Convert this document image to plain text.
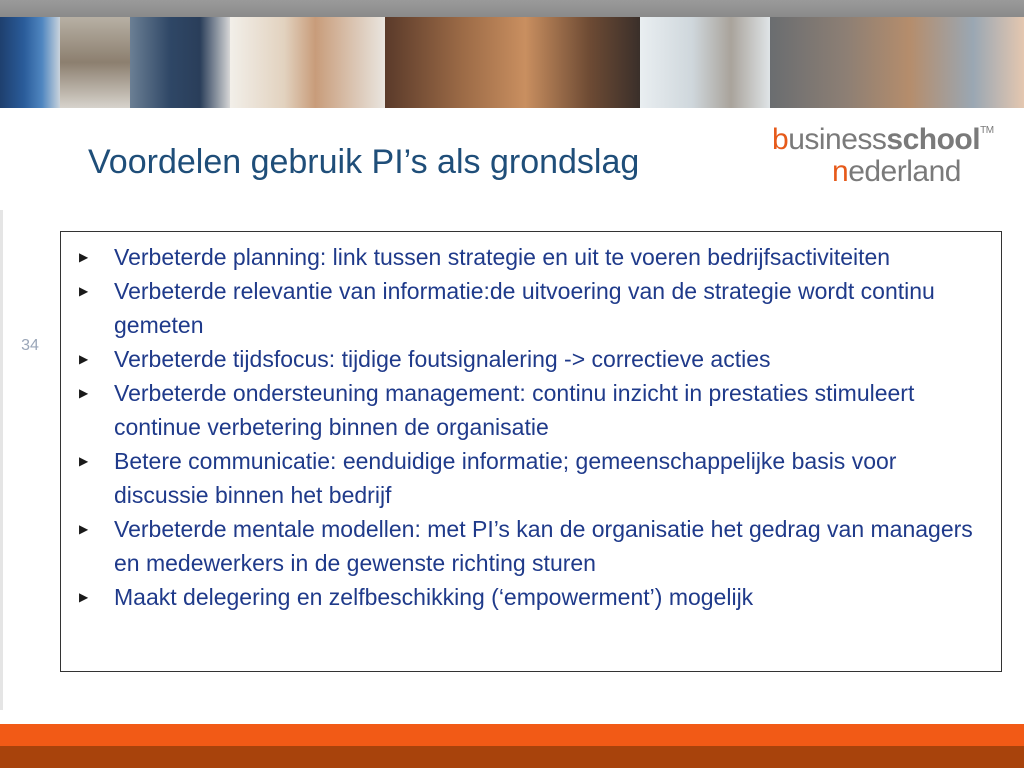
Voordelen gebruik PI’s als grondslag
businessschool™
nederland
34
▶ Verbeterde planning: link tussen strategie en uit te voeren bedrijfsactiviteiten
▶ Verbeterde relevantie van informatie:de uitvoering van de strategie wordt continu gemeten
▶ Verbeterde tijdsfocus: tijdige foutsignalering -> correctieve acties
▶ Verbeterde ondersteuning management: continu inzicht in prestaties stimuleert continue verbetering binnen de organisatie
▶ Betere communicatie: eenduidige informatie; gemeenschappelijke basis voor discussie binnen het bedrijf
▶ Verbeterde mentale modellen: met PI’s kan de organisatie het gedrag van managers en medewerkers in de gewenste richting sturen
▶ Maakt delegering en zelfbeschikking (‘empowerment’) mogelijk
